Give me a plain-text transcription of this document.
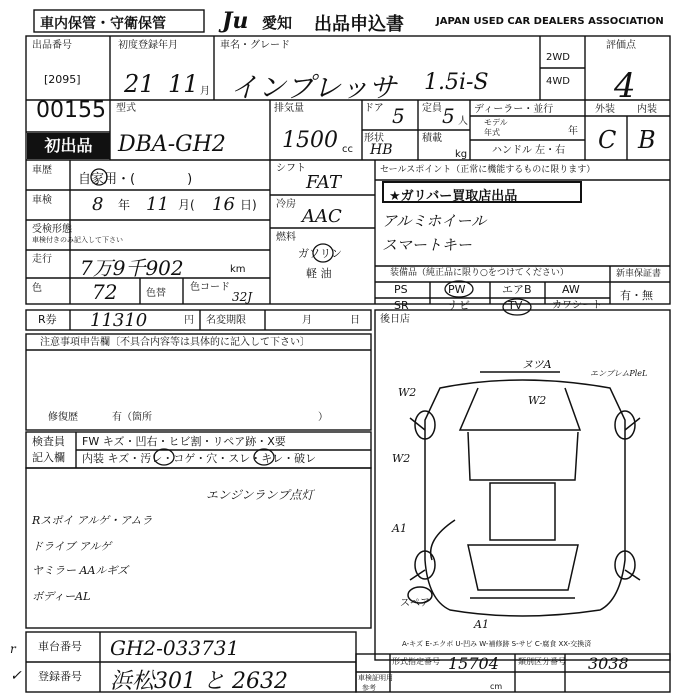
車内保管・守衛保管	Ju 愛知 出品申込書	JAPAN USED CAR DEALERS ASSOCIATION
出品番号
[2095]
00155
初出品
初度登録年月
21 11 月
車名・グレード
インプレッサ 1.5i-S
2WD
4WD
評価点
4
型式
DBA-GH2
排気量
1500 cc
ドア 5 定員 5 人
形状
HB
積載
kg
ディーラー・並行
モデル
年式	年
ハンドル 左・右
外装 内装
C B
車歴
自家用・(　　　　)
車検 8 年 11 月( 16 日)
受検形態
車検付きのみ記入して下さい
走行 7万9千902	km
色	72	色替
色コード
32J
シフト
FAT
冷房
AAC
燃料
ガソリン
軽 油
セールスポイント（正常に機能するものに限ります）
★ガリバー買取店出品
アルミホイール
スマートキー
装備品（純正品に限り○をつけてください）
PS	PW	エアB	AW
SR	ナビ	TV	カワシート
新車保証書
有・無
R券 11310	円 名変期限	月	日
注意事項申告欄〔不具合内容等は具体的に記入して下さい〕
修復歴	有（箇所	）
後日店
検査員
記入欄
FW キズ・凹右・ヒビ割・リペア跡・X要
内装 キズ・汚レ・コゲ・穴・スレ・キレ・破レ
エンジンランプ点灯
Rスポイ アルゲ・アムラ
ドライブ アルゲ
ヤミラー AAルギズ
ボディーAL
ヌツA
エンブレムPleL
W2
W2
W2
A1
A1
スペア
A-キズ E-エクボ U-凹み W-補修跡 S-サビ C-腐食 XX-交換済
車台番号 GH2-033731
登録番号 浜松301 と 2632
形式指定番号 15704 類別区分番号 3038
車検証明用
参考	cm
r
✓
